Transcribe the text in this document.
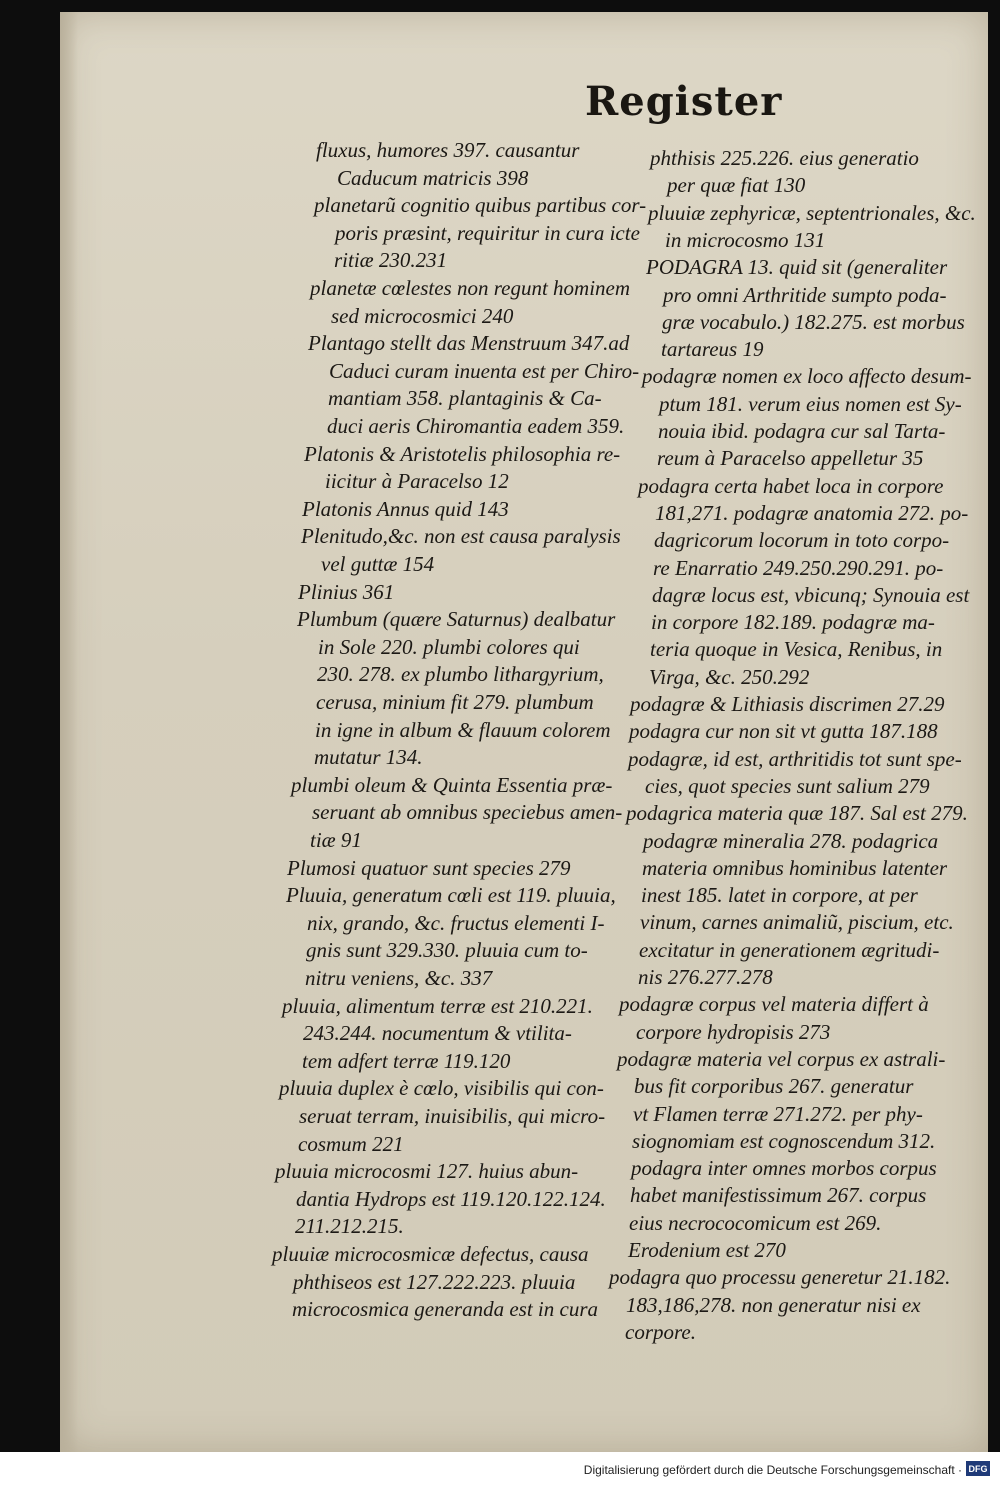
Register
fluxus, humores 397. causantur
Caducum matricis 398
planetarũ cognitio quibus partibus cor-
poris præsint, requiritur in cura icte
ritiæ 230.231
planetæ cœlestes non regunt hominem
sed microcosmici 240
Plantago stellt das Menstruum 347.ad
Caduci curam inuenta est per Chiro-
mantiam 358. plantaginis & Ca-
duci aeris Chiromantia eadem 359.
Platonis & Aristotelis philosophia re-
iicitur à Paracelso 12
Platonis Annus quid 143
Plenitudo,&c. non est causa paralysis
vel guttæ 154
Plinius 361
Plumbum (quære Saturnus) dealbatur
in Sole 220. plumbi colores qui
230. 278. ex plumbo lithargyrium,
cerusa, minium fit 279. plumbum
in igne in album & flauum colorem
mutatur 134.
plumbi oleum & Quinta Essentia præ-
seruant ab omnibus speciebus amen-
tiæ 91
Plumosi quatuor sunt species 279
Pluuia, generatum cœli est 119. pluuia,
nix, grando, &c. fructus elementi I-
gnis sunt 329.330. pluuia cum to-
nitru veniens, &c. 337
pluuia, alimentum terræ est 210.221.
243.244. nocumentum & vtilita-
tem adfert terræ 119.120
pluuia duplex è cœlo, visibilis qui con-
seruat terram, inuisibilis, qui micro-
cosmum 221
pluuia microcosmi 127. huius abun-
dantia Hydrops est 119.120.122.124.
211.212.215.
pluuiæ microcosmicæ defectus, causa
phthiseos est 127.222.223. pluuia
microcosmica generanda est in cura
phthisis 225.226. eius generatio
per quæ fiat 130
pluuiæ zephyricæ, septentrionales, &c.
in microcosmo 131
PODAGRA 13. quid sit (generaliter
pro omni Arthritide sumpto poda-
græ vocabulo.) 182.275. est morbus
tartareus 19
podagræ nomen ex loco affecto desum-
ptum 181. verum eius nomen est Sy-
nouia ibid. podagra cur sal Tarta-
reum à Paracelso appelletur 35
podagra certa habet loca in corpore
181,271. podagræ anatomia 272. po-
dagricorum locorum in toto corpo-
re Enarratio 249.250.290.291. po-
dagræ locus est, vbicunq; Synouia est
in corpore 182.189. podagræ ma-
teria quoque in Vesica, Renibus, in
Virga, &c. 250.292
podagræ & Lithiasis discrimen 27.29
podagra cur non sit vt gutta 187.188
podagræ, id est, arthritidis tot sunt spe-
cies, quot species sunt salium 279
podagrica materia quæ 187. Sal est 279.
podagræ mineralia 278. podagrica
materia omnibus hominibus latenter
inest 185. latet in corpore, at per
vinum, carnes animaliũ, piscium, etc.
excitatur in generationem ægritudi-
nis 276.277.278
podagræ corpus vel materia differt à
corpore hydropisis 273
podagræ materia vel corpus ex astrali-
bus fit corporibus 267. generatur
vt Flamen terræ 271.272. per phy-
siognomiam est cognoscendum 312.
podagra inter omnes morbos corpus
habet manifestissimum 267. corpus
eius necrococomicum est 269.
Erodenium est 270
podagra quo processu generetur 21.182.
183,186,278. non generatur nisi ex
corpore.
Digitalisierung gefördert durch die Deutsche Forschungsgemeinschaft · DFG
